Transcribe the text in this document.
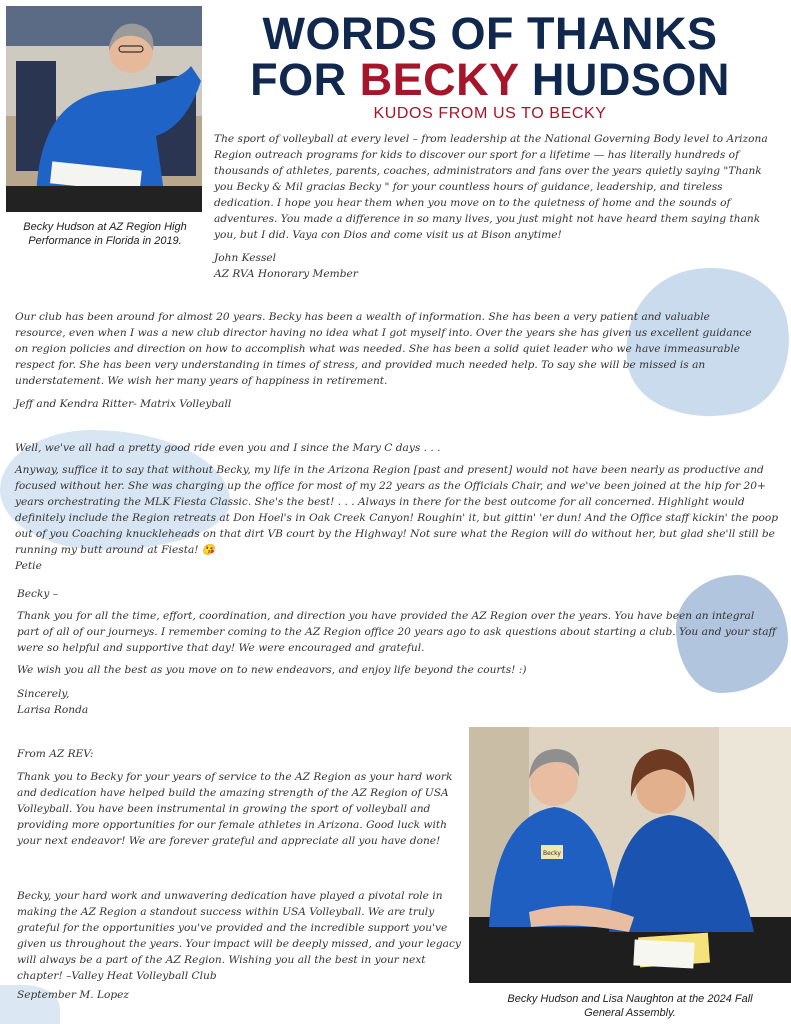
Becky Hudson at AZ Region High Performance in Florida in 2019.
WORDS OF THANKS
FOR BECKY HUDSON
KUDOS FROM US TO BECKY

The sport of volleyball at every level – from leadership at the National Governing Body level to Arizona Region outreach programs for kids to discover our sport for a lifetime — has literally hundreds of thousands of athletes, parents, coaches, administrators and fans over the years quietly saying "Thank you Becky & Mil gracias Becky " for your countless hours of guidance, leadership, and tireless dedication. I hope you hear them when you move on to the quietness of home and the sounds of adventures. You made a difference in so many lives, you just might not have heard them saying thank you, but I did. Vaya con Dios and come visit us at Bison anytime!

John Kessel

AZ RVA Honorary Member

Our club has been around for almost 20 years. Becky has been a wealth of information. She has been a very patient and valuable resource, even when I was a new club director having no idea what I got myself into. Over the years she has given us excellent guidance on region policies and direction on how to accomplish what was needed. She has been a solid quiet leader who we have immeasurable respect for. She has been very understanding in times of stress, and provided much needed help. To say she will be missed is an understatement. We wish her many years of happiness in retirement.

Jeff and Kendra Ritter- Matrix Volleyball

Well, we've all had a pretty good ride even you and I since the Mary C days . . .

Anyway, suffice it to say that without Becky, my life in the Arizona Region [past and present] would not have been nearly as productive and focused without her. She was charging up the office for most of my 22 years as the Officials Chair, and we've been joined at the hip for 20+ years orchestrating the MLK Fiesta Classic. She's the best! . . . Always in there for the best outcome for all concerned. Highlight would definitely include the Region retreats at Don Hoel's in Oak Creek Canyon! Roughin' it, but gittin' 'er dun! And the Office staff kickin' the poop out of you Coaching knuckleheads on that dirt VB court by the Highway! Not sure what the Region will do without her, but glad she'll still be running my butt around at Fiesta! 😘

Petie

Becky –

Thank you for all the time, effort, coordination, and direction you have provided the AZ Region over the years. You have been an integral part of all of our journeys. I remember coming to the AZ Region office 20 years ago to ask questions about starting a club. You and your staff were so helpful and supportive that day! We were encouraged and grateful.

We wish you all the best as you move on to new endeavors, and enjoy life beyond the courts! :)

Sincerely,

Larisa Ronda

From AZ REV:

Thank you to Becky for your years of service to the AZ Region as your hard work and dedication have helped build the amazing strength of the AZ Region of USA Volleyball. You have been instrumental in growing the sport of volleyball and providing more opportunities for our female athletes in Arizona. Good luck with your next endeavor! We are forever grateful and appreciate all you have done!

Becky, your hard work and unwavering dedication have played a pivotal role in making the AZ Region a standout success within USA Volleyball. We are truly grateful for the opportunities you've provided and the incredible support you've given us throughout the years. Your impact will be deeply missed, and your legacy will always be a part of the AZ Region. Wishing you all the best in your next chapter! –Valley Heat Volleyball Club

September M. Lopez

Becky
Becky Hudson and Lisa Naughton at the 2024 Fall General Assembly.
